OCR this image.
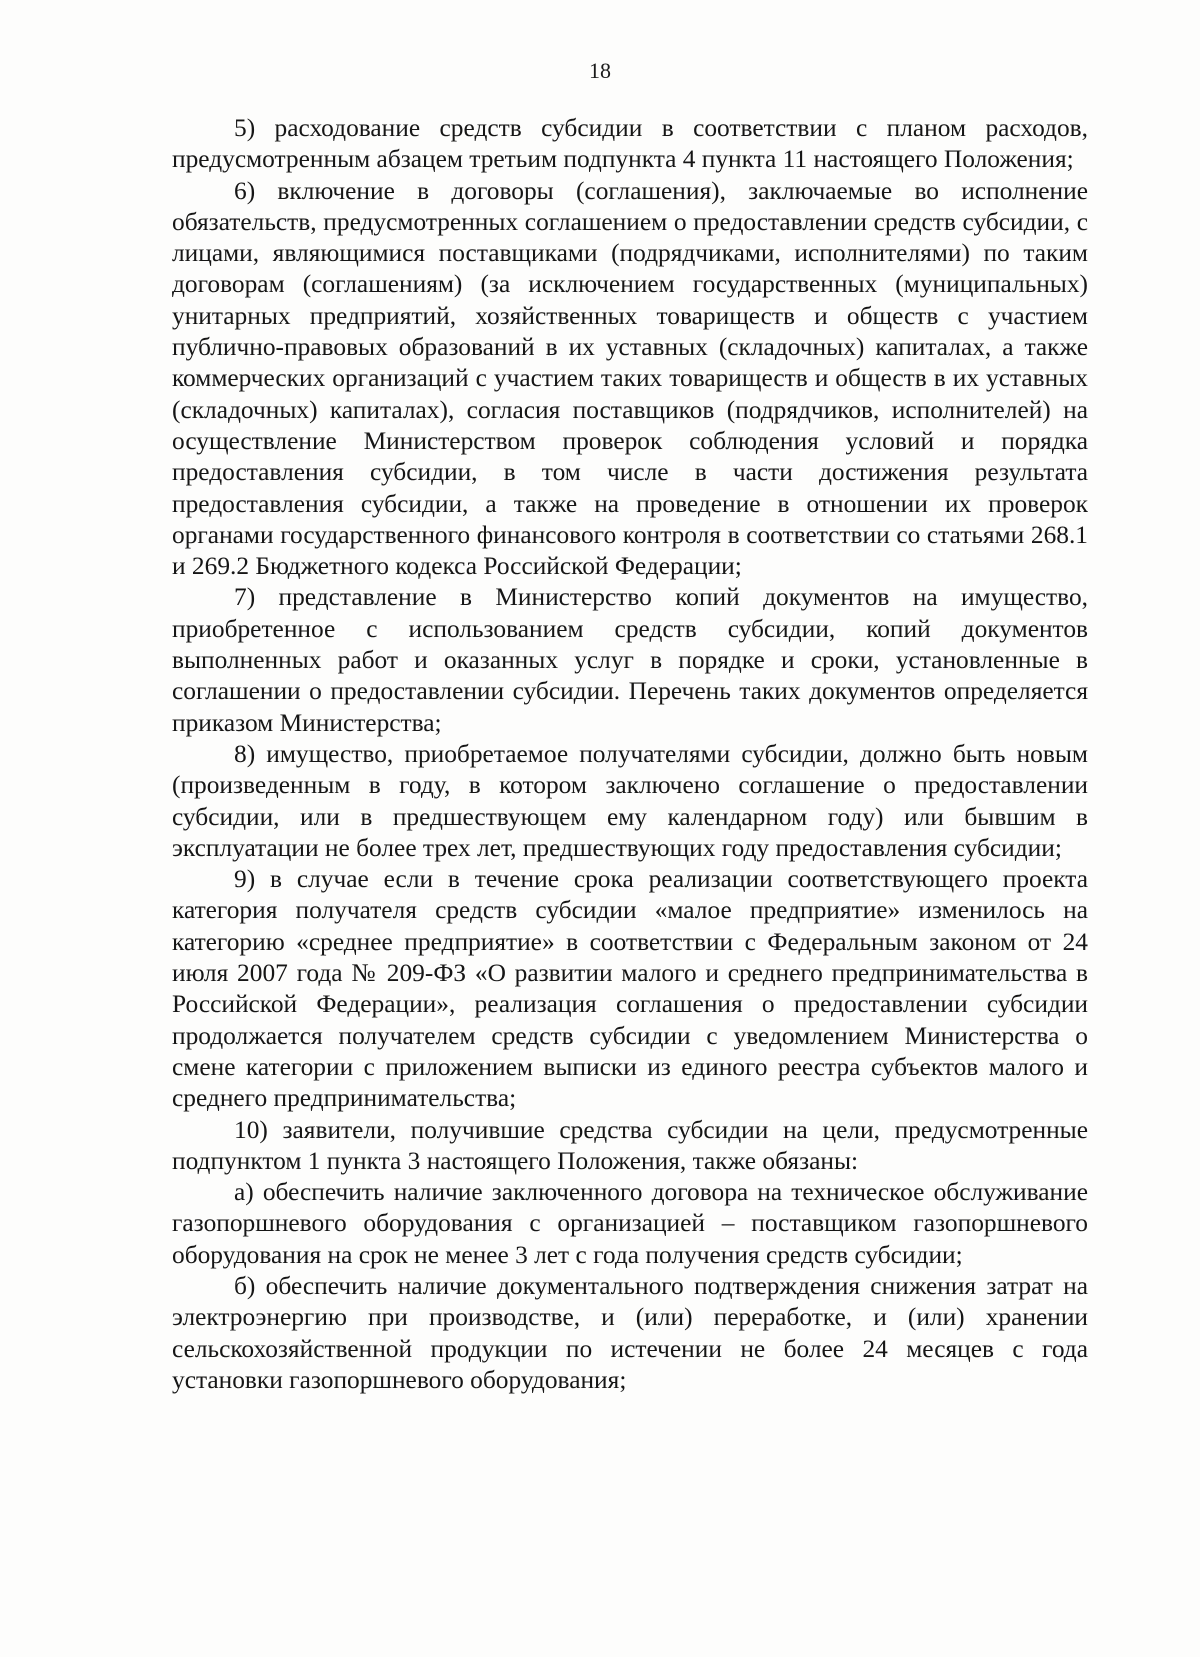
18

5) расходование средств субсидии в соответствии с планом расходов, предусмотренным абзацем третьим подпункта 4 пункта 11 настоящего Положения;

6) включение в договоры (соглашения), заключаемые во исполнение обязательств, предусмотренных соглашением о предоставлении средств субсидии, с лицами, являющимися поставщиками (подрядчиками, исполнителями) по таким договорам (соглашениям) (за исключением государственных (муниципальных) унитарных предприятий, хозяйственных товариществ и обществ с участием публично-правовых образований в их уставных (складочных) капиталах, а также коммерческих организаций с участием таких товариществ и обществ в их уставных (складочных) капиталах), согласия поставщиков (подрядчиков, исполнителей) на осуществление Министерством проверок соблюдения условий и порядка предоставления субсидии, в том числе в части достижения результата предоставления субсидии, а также на проведение в отношении их проверок органами государственного финансового контроля в соответствии со статьями 268.1 и 269.2 Бюджетного кодекса Российской Федерации;

7) представление в Министерство копий документов на имущество, приобретенное с использованием средств субсидии, копий документов выполненных работ и оказанных услуг в порядке и сроки, установленные в соглашении о предоставлении субсидии. Перечень таких документов определяется приказом Министерства;

8) имущество, приобретаемое получателями субсидии, должно быть новым (произведенным в году, в котором заключено соглашение о предоставлении субсидии, или в предшествующем ему календарном году) или бывшим в эксплуатации не более трех лет, предшествующих году предоставления субсидии;

9) в случае если в течение срока реализации соответствующего проекта категория получателя средств субсидии «малое предприятие» изменилось на категорию «среднее предприятие» в соответствии с Федеральным законом от 24 июля 2007 года № 209-ФЗ «О развитии малого и среднего предпринимательства в Российской Федерации», реализация соглашения о предоставлении субсидии продолжается получателем средств субсидии с уведомлением Министерства о смене категории с приложением выписки из единого реестра субъектов малого и среднего предпринимательства;

10) заявители, получившие средства субсидии на цели, предусмотренные подпунктом 1 пункта 3 настоящего Положения, также обязаны:

а) обеспечить наличие заключенного договора на техническое обслуживание газопоршневого оборудования с организацией – поставщиком газопоршневого оборудования на срок не менее 3 лет с года получения средств субсидии;

б) обеспечить наличие документального подтверждения снижения затрат на электроэнергию при производстве, и (или) переработке, и (или) хранении сельскохозяйственной продукции по истечении не более 24 месяцев с года установки газопоршневого оборудования;
